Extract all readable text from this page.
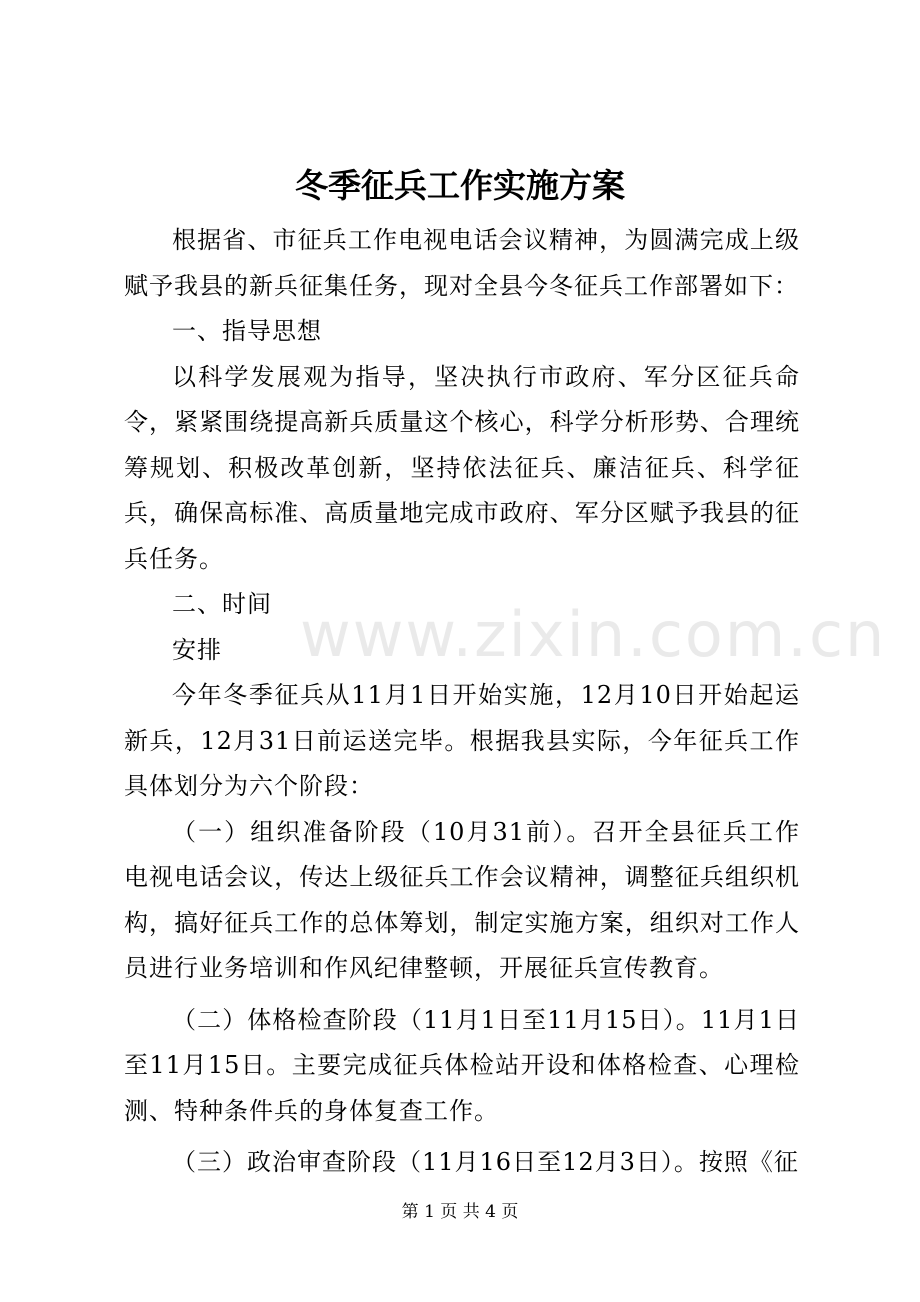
冬季征兵工作实施方案

根据省、市征兵工作电视电话会议精神，为圆满完成上级赋予我县的新兵征集任务，现对全县今冬征兵工作部署如下：

一、指导思想

以科学发展观为指导，坚决执行市政府、军分区征兵命令，紧紧围绕提高新兵质量这个核心，科学分析形势、合理统筹规划、积极改革创新，坚持依法征兵、廉洁征兵、科学征兵，确保高标准、高质量地完成市政府、军分区赋予我县的征兵任务。

二、时间

安排

今年冬季征兵从11月1日开始实施，12月10日开始起运新兵，12月31日前运送完毕。根据我县实际，今年征兵工作具体划分为六个阶段：

（一）组织准备阶段（10月31前）。召开全县征兵工作电视电话会议，传达上级征兵工作会议精神，调整征兵组织机构，搞好征兵工作的总体筹划，制定实施方案，组织对工作人员进行业务培训和作风纪律整顿，开展征兵宣传教育。

（二）体格检查阶段（11月1日至11月15日）。11月1日至11月15日。主要完成征兵体检站开设和体格检查、心理检测、特种条件兵的身体复查工作。

（三）政治审查阶段（11月16日至12月3日）。按照《征

www.zixin.com.cn
第 1 页 共 4 页
